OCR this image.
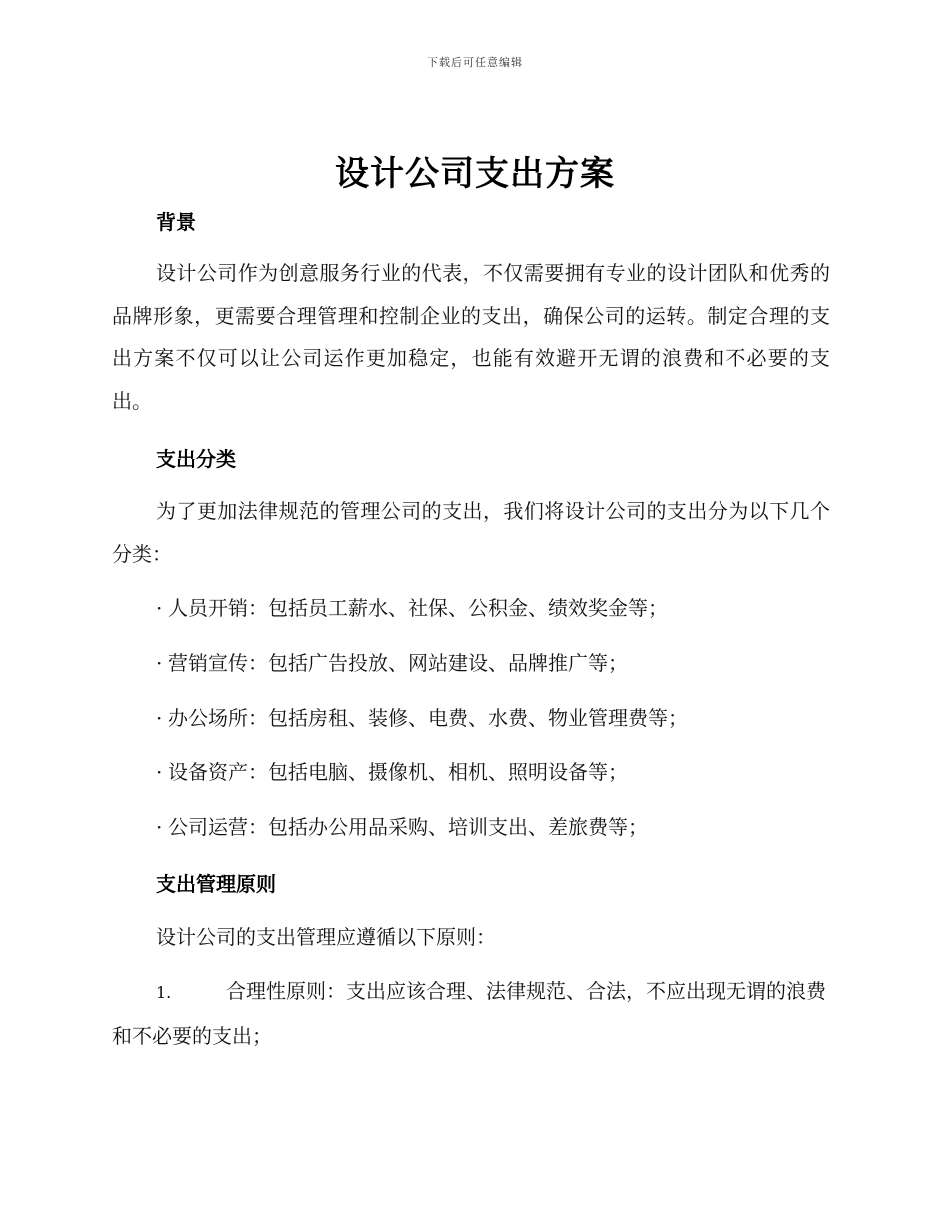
下载后可任意编辑
设计公司支出方案
背景

设计公司作为创意服务行业的代表，不仅需要拥有专业的设计团队和优秀的品牌形象，更需要合理管理和控制企业的支出，确保公司的运转。制定合理的支出方案不仅可以让公司运作更加稳定，也能有效避开无谓的浪费和不必要的支出。

支出分类

为了更加法律规范的管理公司的支出，我们将设计公司的支出分为以下几个分类：

· 人员开销：包括员工薪水、社保、公积金、绩效奖金等；

· 营销宣传：包括广告投放、网站建设、品牌推广等；

· 办公场所：包括房租、装修、电费、水费、物业管理费等；

· 设备资产：包括电脑、摄像机、相机、照明设备等；

· 公司运营：包括办公用品采购、培训支出、差旅费等；

支出管理原则

设计公司的支出管理应遵循以下原则：

1.	合理性原则：支出应该合理、法律规范、合法，不应出现无谓的浪费和不必要的支出；
